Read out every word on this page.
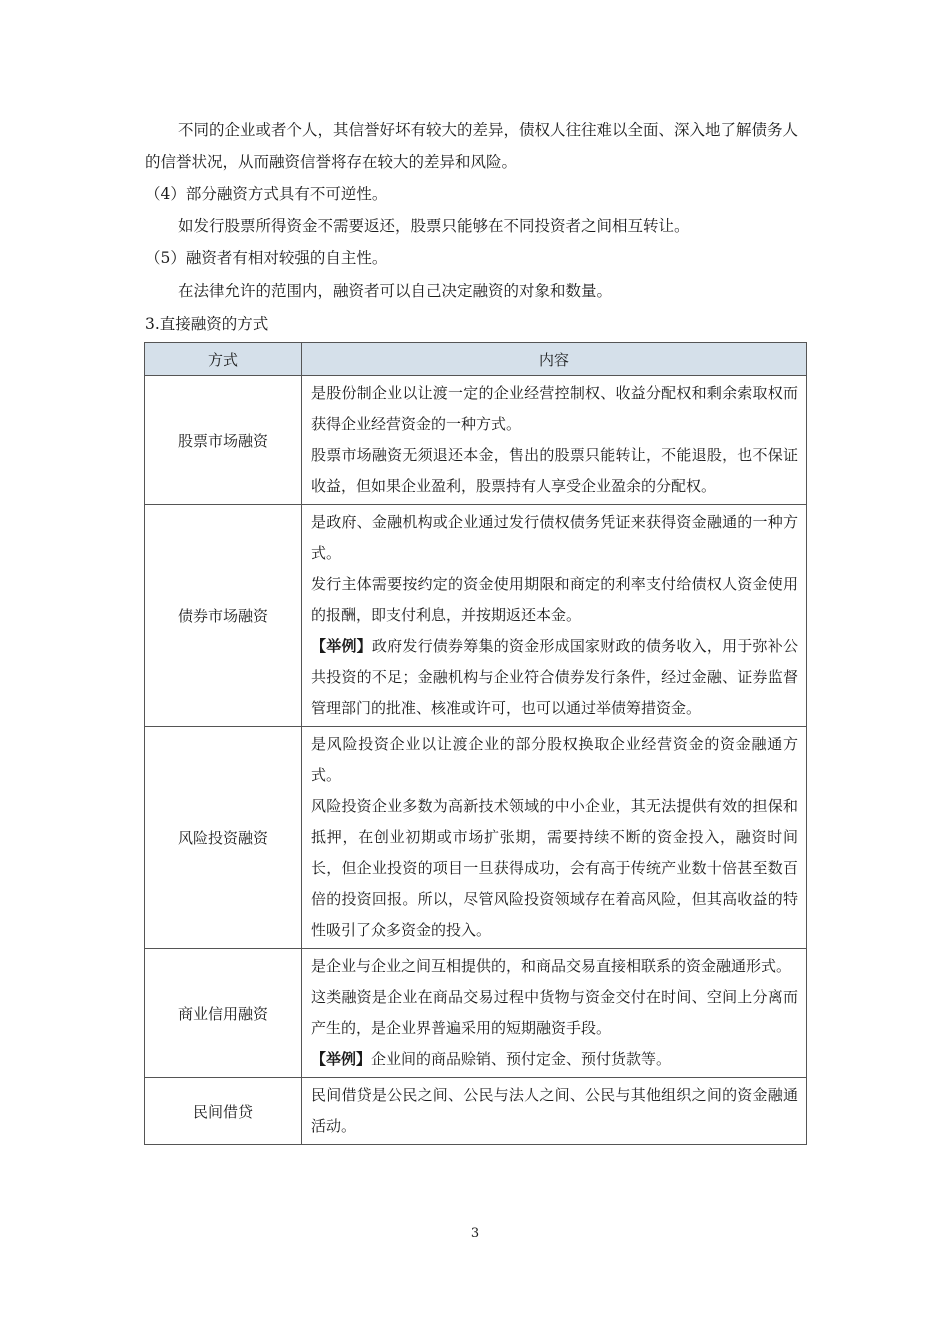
不同的企业或者个人，其信誉好坏有较大的差异，债权人往往难以全面、深入地了解债务人的信誉状况，从而融资信誉将存在较大的差异和风险。

（4）部分融资方式具有不可逆性。

如发行股票所得资金不需要返还，股票只能够在不同投资者之间相互转让。

（5）融资者有相对较强的自主性。

在法律允许的范围内，融资者可以自己决定融资的对象和数量。

3.直接融资的方式

方式	内容
股票市场融资	是股份制企业以让渡一定的企业经营控制权、收益分配权和剩余索取权而获得企业经营资金的一种方式。

股票市场融资无须退还本金，售出的股票只能转让，不能退股，也不保证收益，但如果企业盈利，股票持有人享受企业盈余的分配权。

债券市场融资	是政府、金融机构或企业通过发行债权债务凭证来获得资金融通的一种方式。

发行主体需要按约定的资金使用期限和商定的利率支付给债权人资金使用的报酬，即支付利息，并按期返还本金。

【举例】政府发行债券筹集的资金形成国家财政的债务收入，用于弥补公共投资的不足；金融机构与企业符合债券发行条件，经过金融、证券监督管理部门的批准、核准或许可，也可以通过举债筹措资金。

风险投资融资	是风险投资企业以让渡企业的部分股权换取企业经营资金的资金融通方式。

风险投资企业多数为高新技术领域的中小企业，其无法提供有效的担保和抵押，在创业初期或市场扩张期，需要持续不断的资金投入，融资时间长，但企业投资的项目一旦获得成功，会有高于传统产业数十倍甚至数百倍的投资回报。所以，尽管风险投资领域存在着高风险，但其高收益的特性吸引了众多资金的投入。

商业信用融资	是企业与企业之间互相提供的，和商品交易直接相联系的资金融通形式。

这类融资是企业在商品交易过程中货物与资金交付在时间、空间上分离而产生的，是企业界普遍采用的短期融资手段。

【举例】企业间的商品赊销、预付定金、预付货款等。

民间借贷	民间借贷是公民之间、公民与法人之间、公民与其他组织之间的资金融通活动。

3
